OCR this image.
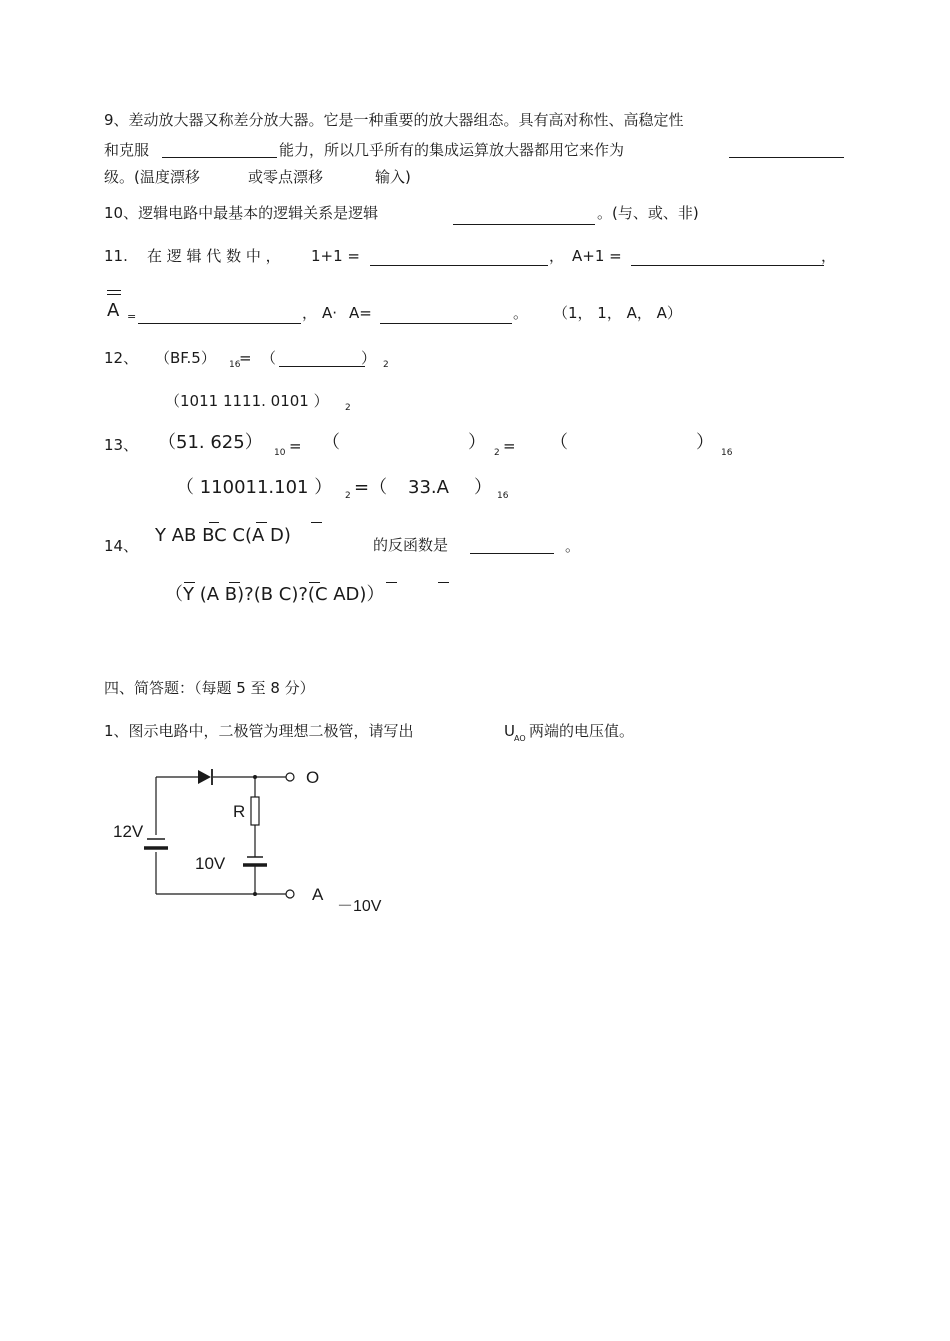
9、差动放大器又称差分放大器。它是一种重要的放大器组态。具有高对称性、高稳定性
和克服	能力，所以几乎所有的集成运算放大器都用它来作为
级。(温度漂移	或零点漂移	输入)
10、逻辑电路中最基本的逻辑关系是逻辑	。(与、或、非)
11. 在 逻 辑 代 数 中 ， 1+1 =	， A+1 =	，
A =	， A· A=	。 （1， 1， A， A）
12、 （BF.5） 16
= （	） 2
（1011 1111. 0101 ） 2
13、 （51. 625） 10 = （	） 2 = （	） 16
（ 110011.101 ） 2 =（ 33.A ） 16
14、 Y AB BC C(A D)	的反函数是	。
（Y (A B)?(B C)?(C AD)）
四、简答题：（每题 5 至 8 分）
1、图示电路中，二极管为理想二极管，请写出	U AO 两端的电压值。
12V
R
10V
O
A
－10V
